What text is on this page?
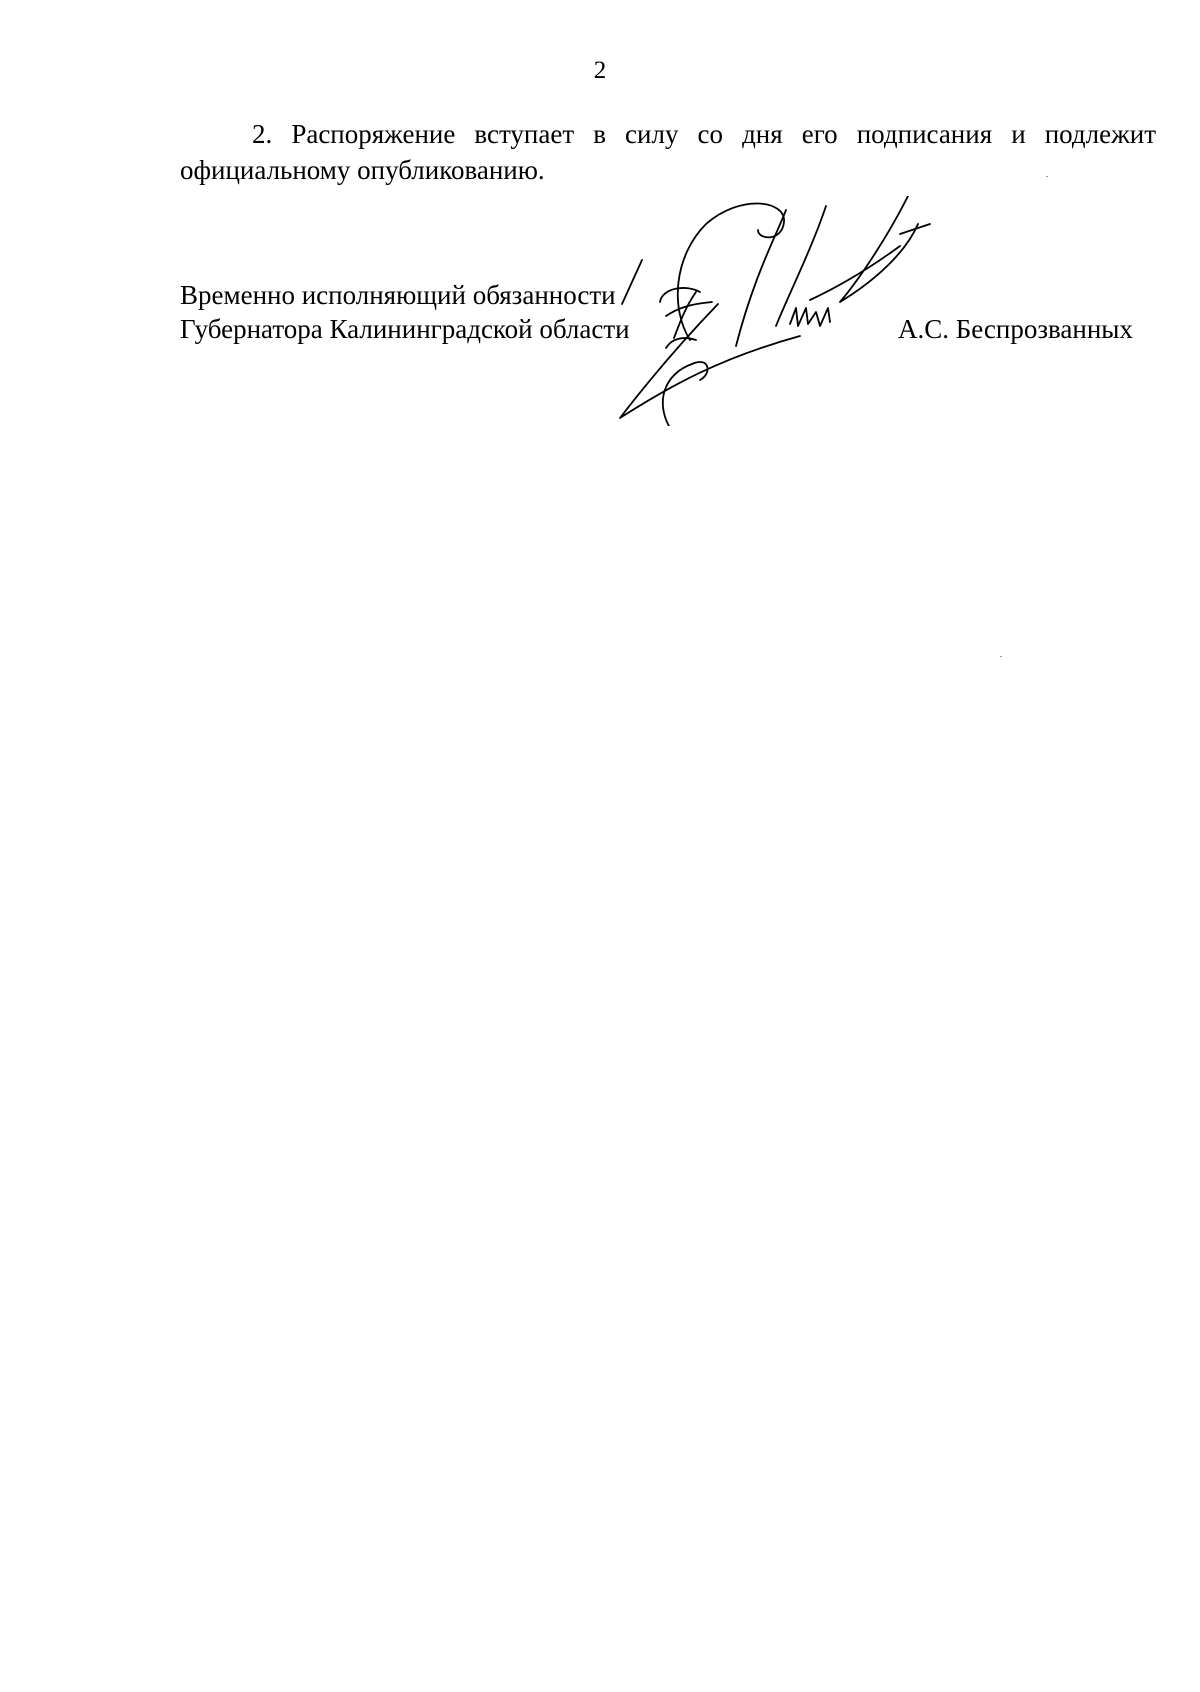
2

2. Распоряжение вступает в силу со дня его подписания и подлежит официальному опубликованию.

Временно исполняющий обязанности
Губернатора Калининградской области	А.С. Беспрозванных
